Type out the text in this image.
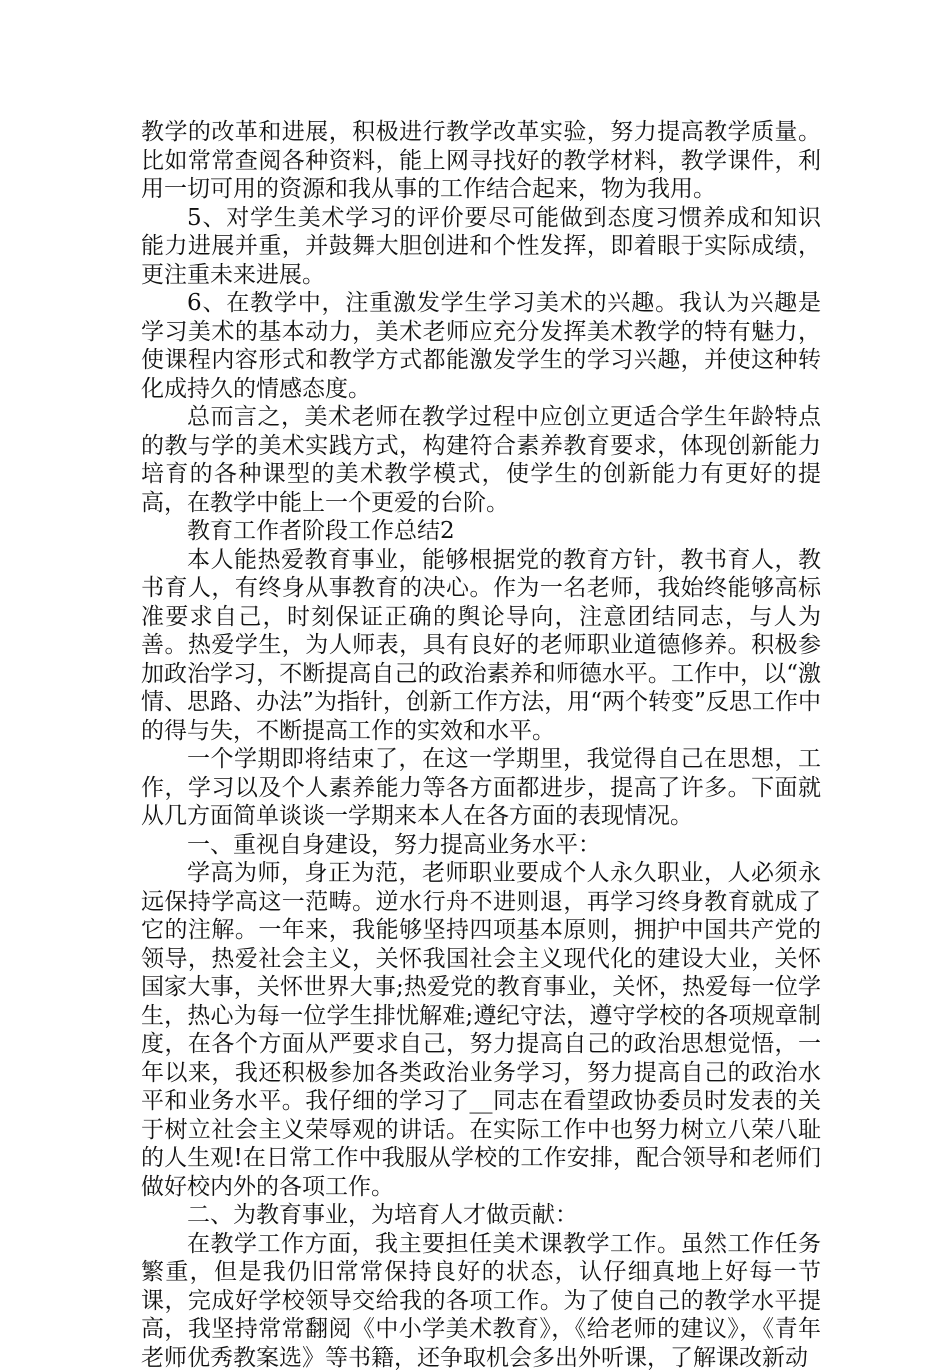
教学的改革和进展，积极进行教学改革实验，努力提高教学质量。比如常常查阅各种资料，能上网寻找好的教学材料，教学课件，利用一切可用的资源和我从事的工作结合起来，物为我用。

5、对学生美术学习的评价要尽可能做到态度习惯养成和知识能力进展并重，并鼓舞大胆创进和个性发挥，即着眼于实际成绩，更注重未来进展。

6、在教学中，注重激发学生学习美术的兴趣。我认为兴趣是学习美术的基本动力，美术老师应充分发挥美术教学的特有魅力，使课程内容形式和教学方式都能激发学生的学习兴趣，并使这种转化成持久的情感态度。

总而言之，美术老师在教学过程中应创立更适合学生年龄特点的教与学的美术实践方式，构建符合素养教育要求，体现创新能力培育的各种课型的美术教学模式，使学生的创新能力有更好的提高，在教学中能上一个更爱的台阶。

教育工作者阶段工作总结2

本人能热爱教育事业，能够根据党的教育方针，教书育人，教书育人，有终身从事教育的决心。作为一名老师，我始终能够高标准要求自己，时刻保证正确的舆论导向，注意团结同志，与人为善。热爱学生，为人师表，具有良好的老师职业道德修养。积极参加政治学习，不断提高自己的政治素养和师德水平。工作中，以“激情、思路、办法”为指针，创新工作方法，用“两个转变”反思工作中的得与失，不断提高工作的实效和水平。

一个学期即将结束了，在这一学期里，我觉得自己在思想，工作，学习以及个人素养能力等各方面都进步，提高了许多。下面就从几方面简单谈谈一学期来本人在各方面的表现情况。

一、重视自身建设，努力提高业务水平：

学高为师，身正为范，老师职业要成个人永久职业，人必须永远保持学高这一范畴。逆水行舟不进则退，再学习终身教育就成了它的注解。一年来，我能够坚持四项基本原则，拥护中国共产党的领导，热爱社会主义，关怀我国社会主义现代化的建设大业，关怀国家大事，关怀世界大事;热爱党的教育事业，关怀，热爱每一位学生，热心为每一位学生排忧解难;遵纪守法，遵守学校的各项规章制度，在各个方面从严要求自己，努力提高自己的政治思想觉悟，一年以来，我还积极参加各类政治业务学习，努力提高自己的政治水平和业务水平。我仔细的学习了__同志在看望政协委员时发表的关于树立社会主义荣辱观的讲话。在实际工作中也努力树立八荣八耻的人生观!在日常工作中我服从学校的工作安排，配合领导和老师们做好校内外的各项工作。

二、为教育事业，为培育人才做贡献：

在教学工作方面，我主要担任美术课教学工作。虽然工作任务繁重，但是我仍旧常常保持良好的状态，认仔细真地上好每一节课，完成好学校领导交给我的各项工作。为了使自己的教学水平提高，我坚持常常翻阅《中小学美术教育》，《给老师的建议》，《青年老师优秀教案选》等书籍，还争取机会多出外听课，了解课改新动
